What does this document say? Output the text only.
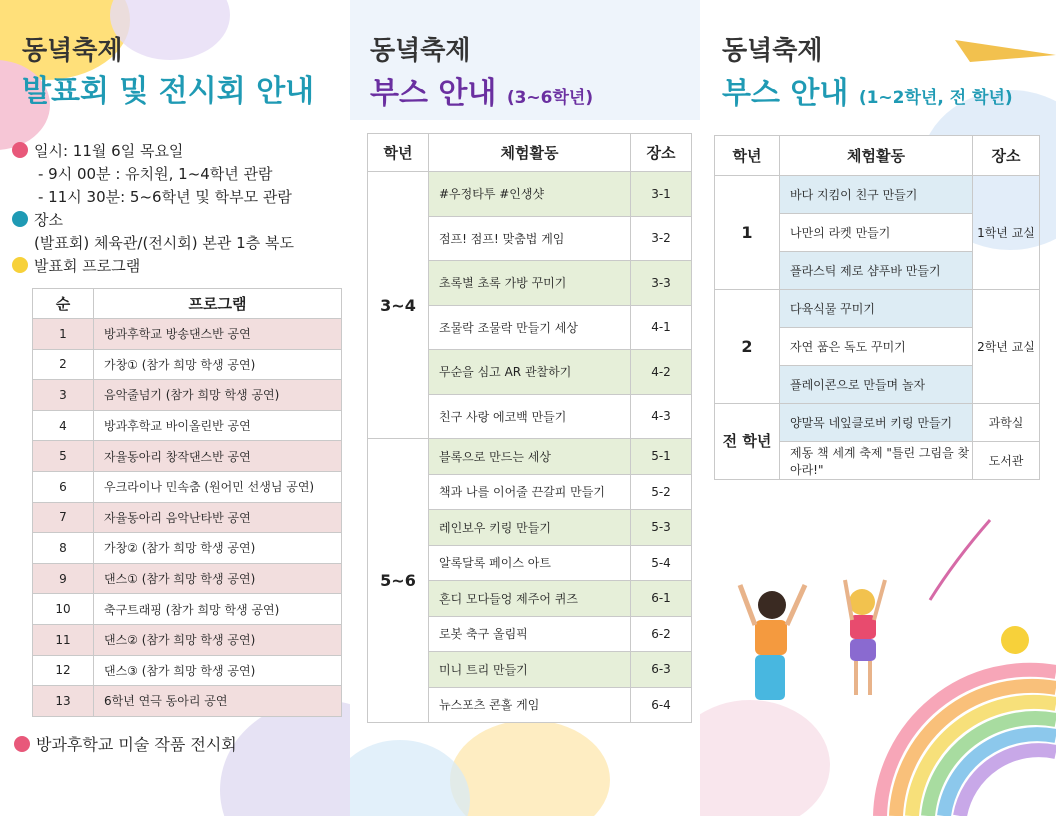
동녘축제
발표회 및 전시회 안내
일시: 11월 6일 목요일
- 9시 00분 : 유치원, 1~4학년 관람
- 11시 30분: 5~6학년 및 학부모 관람
장소
(발표회) 체육관/(전시회) 본관 1층 복도
발표회 프로그램
순	프로그램
1	방과후학교 방송댄스반 공연
2	가창① (참가 희망 학생 공연)
3	음악줄넘기 (참가 희망 학생 공연)
4	방과후학교 바이올린반 공연
5	자율동아리 창작댄스반 공연
6	우크라이나 민속춤 (원어민 선생님 공연)
7	자율동아리 음악난타반 공연
8	가창② (참가 희망 학생 공연)
9	댄스① (참가 희망 학생 공연)
10	축구트래핑 (참가 희망 학생 공연)
11	댄스② (참가 희망 학생 공연)
12	댄스③ (참가 희망 학생 공연)
13	6학년 연극 동아리 공연
방과후학교 미술 작품 전시회
동녘축제
부스 안내 (3~6학년)
학년	체험활동	장소
3~4	#우정타투 #인생샷	3-1
	점프! 점프! 맞춤법 게임	3-2
	초록별 초록 가방 꾸미기	3-3
	조물락 조물락 만들기 세상	4-1
	무순을 심고 AR 관찰하기	4-2
	친구 사랑 에코백 만들기	4-3
5~6	블록으로 만드는 세상	5-1
	책과 나를 이어줄 끈갈피 만들기	5-2
	레인보우 키링 만들기	5-3
	알록달록 페이스 아트	5-4
	혼디 모다들엉 제주어 퀴즈	6-1
	로봇 축구 올림픽	6-2
	미니 트리 만들기	6-3
	뉴스포츠 콘홀 게임	6-4
동녘축제
부스 안내 (1~2학년, 전 학년)
학년	체험활동	장소
1	바다 지킴이 친구 만들기	1학년 교실
	나만의 라켓 만들기	
	플라스틱 제로 샴푸바 만들기	
2	다육식물 꾸미기	2학년 교실
	자연 품은 독도 꾸미기	
	플레이콘으로 만들며 놀자	
전 학년	양말목 네잎클로버 키링 만들기	과학실
	제동 책 세계 축제 "틀린 그림을 찾아라!"	도서관
